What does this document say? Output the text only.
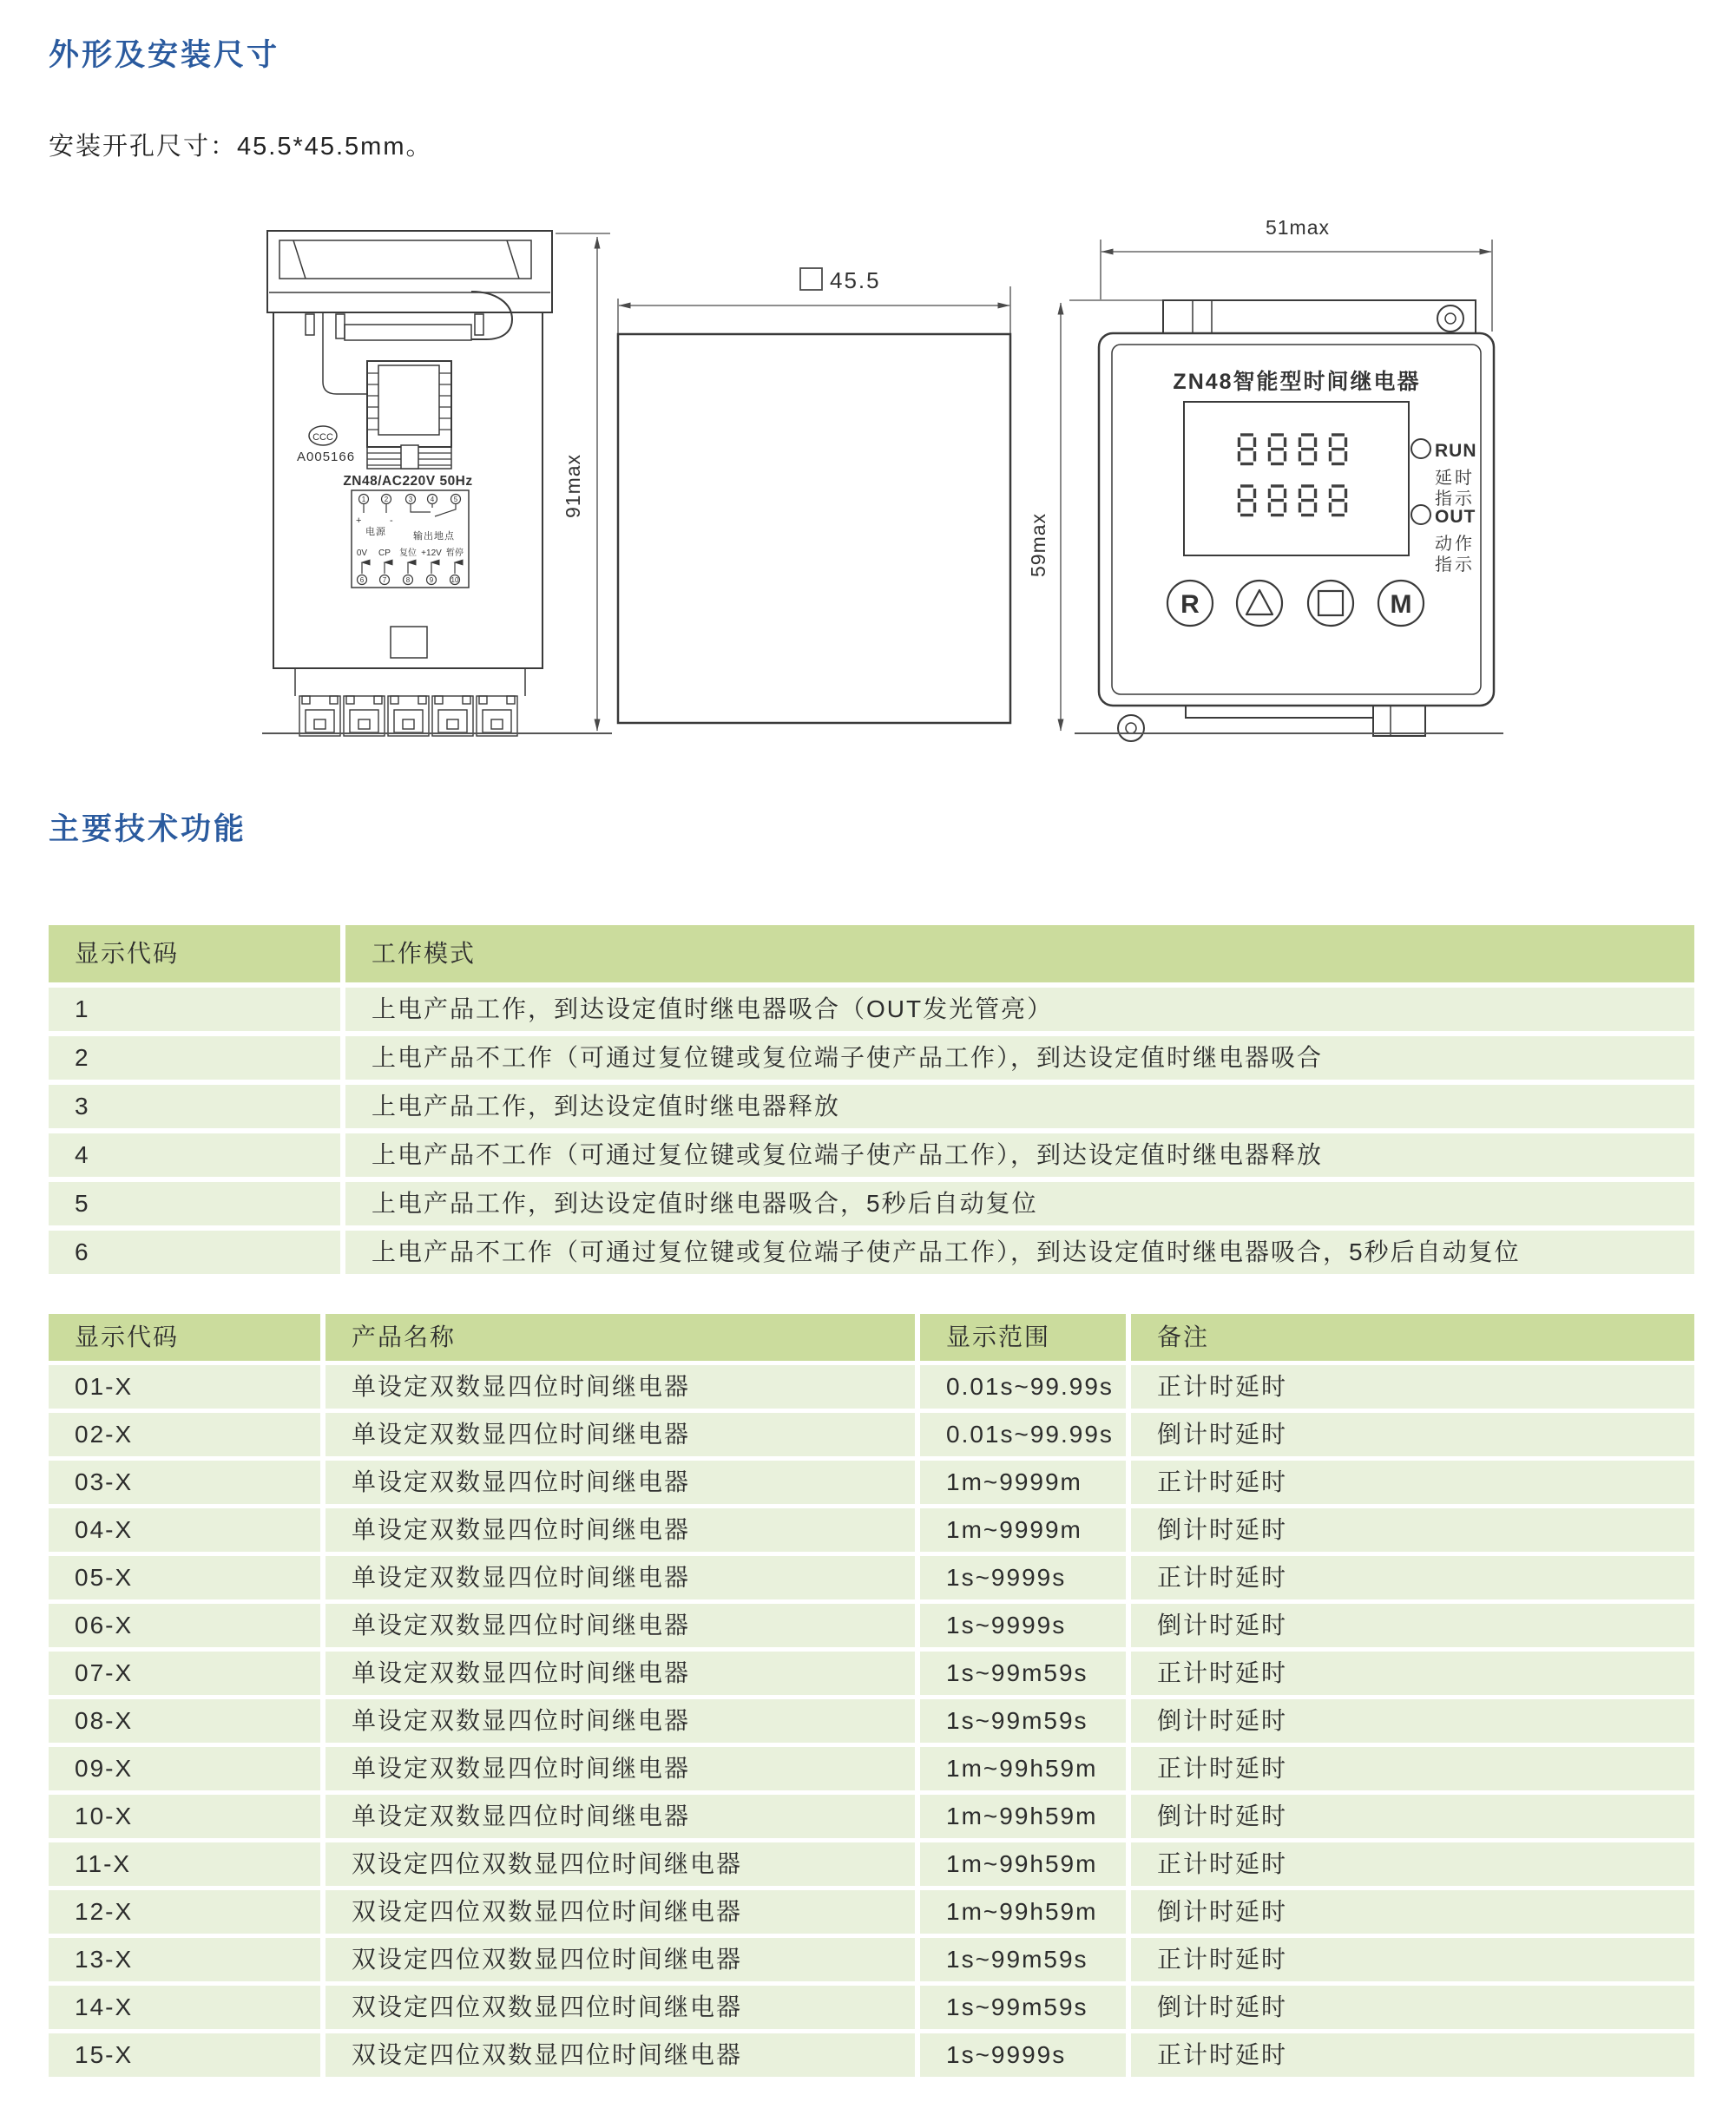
外形及安装尺寸
安装开孔尺寸：45.5*45.5mm。
CCC
A005166
ZN48/AC220V 50Hz
1	2	3	4	5
+	-
电源	输出地点
0V CP 复位 +12V 暂停
6	7	8	9	10
91max
45.5
59max
51max
ZN48智能型时间继电器
RUN
延时
指示
OUT
动作
指示
R	M
主要技术功能
显示代码	工作模式
1	上电产品工作，到达设定值时继电器吸合（OUT发光管亮）
2	上电产品不工作（可通过复位键或复位端子使产品工作），到达设定值时继电器吸合
3	上电产品工作，到达设定值时继电器释放
4	上电产品不工作（可通过复位键或复位端子使产品工作），到达设定值时继电器释放
5	上电产品工作，到达设定值时继电器吸合，5秒后自动复位
6	上电产品不工作（可通过复位键或复位端子使产品工作），到达设定值时继电器吸合，5秒后自动复位
显示代码	产品名称	显示范围	备注
01-X	单设定双数显四位时间继电器	0.01s~99.99s	正计时延时
02-X	单设定双数显四位时间继电器	0.01s~99.99s	倒计时延时
03-X	单设定双数显四位时间继电器	1m~9999m	正计时延时
04-X	单设定双数显四位时间继电器	1m~9999m	倒计时延时
05-X	单设定双数显四位时间继电器	1s~9999s	正计时延时
06-X	单设定双数显四位时间继电器	1s~9999s	倒计时延时
07-X	单设定双数显四位时间继电器	1s~99m59s	正计时延时
08-X	单设定双数显四位时间继电器	1s~99m59s	倒计时延时
09-X	单设定双数显四位时间继电器	1m~99h59m	正计时延时
10-X	单设定双数显四位时间继电器	1m~99h59m	倒计时延时
11-X	双设定四位双数显四位时间继电器	1m~99h59m	正计时延时
12-X	双设定四位双数显四位时间继电器	1m~99h59m	倒计时延时
13-X	双设定四位双数显四位时间继电器	1s~99m59s	正计时延时
14-X	双设定四位双数显四位时间继电器	1s~99m59s	倒计时延时
15-X	双设定四位双数显四位时间继电器	1s~9999s	正计时延时
